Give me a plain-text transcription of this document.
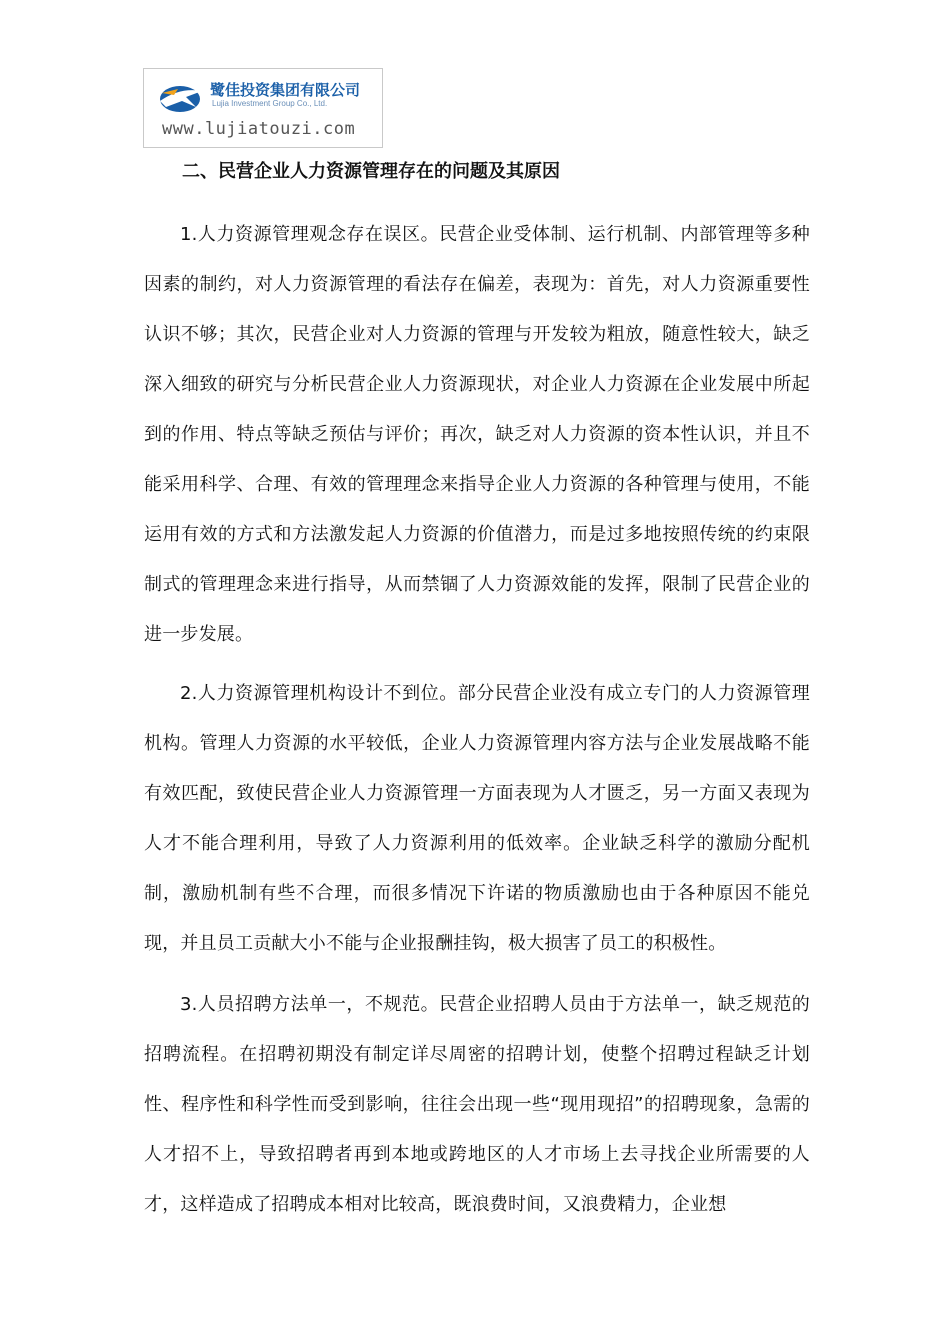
鹭佳投资集团有限公司
Lujia Investment Group Co., Ltd.
www.lujiatouzi.com
二、民营企业人力资源管理存在的问题及其原因

1.人力资源管理观念存在误区。民营企业受体制、运行机制、内部管理等多种因素的制约，对人力资源管理的看法存在偏差，表现为：首先，对人力资源重要性认识不够；其次，民营企业对人力资源的管理与开发较为粗放，随意性较大，缺乏深入细致的研究与分析民营企业人力资源现状，对企业人力资源在企业发展中所起到的作用、特点等缺乏预估与评价；再次，缺乏对人力资源的资本性认识，并且不能采用科学、合理、有效的管理理念来指导企业人力资源的各种管理与使用，不能运用有效的方式和方法激发起人力资源的价值潜力，而是过多地按照传统的约束限制式的管理理念来进行指导，从而禁锢了人力资源效能的发挥，限制了民营企业的进一步发展。

2.人力资源管理机构设计不到位。部分民营企业没有成立专门的人力资源管理机构。管理人力资源的水平较低，企业人力资源管理内容方法与企业发展战略不能有效匹配，致使民营企业人力资源管理一方面表现为人才匮乏，另一方面又表现为人才不能合理利用，导致了人力资源利用的低效率。企业缺乏科学的激励分配机制，激励机制有些不合理，而很多情况下许诺的物质激励也由于各种原因不能兑现，并且员工贡献大小不能与企业报酬挂钩，极大损害了员工的积极性。

3.人员招聘方法单一，不规范。民营企业招聘人员由于方法单一，缺乏规范的招聘流程。在招聘初期没有制定详尽周密的招聘计划，使整个招聘过程缺乏计划性、程序性和科学性而受到影响，往往会出现一些“现用现招”的招聘现象，急需的人才招不上，导致招聘者再到本地或跨地区的人才市场上去寻找企业所需要的人才，这样造成了招聘成本相对比较高，既浪费时间，又浪费精力，企业想
